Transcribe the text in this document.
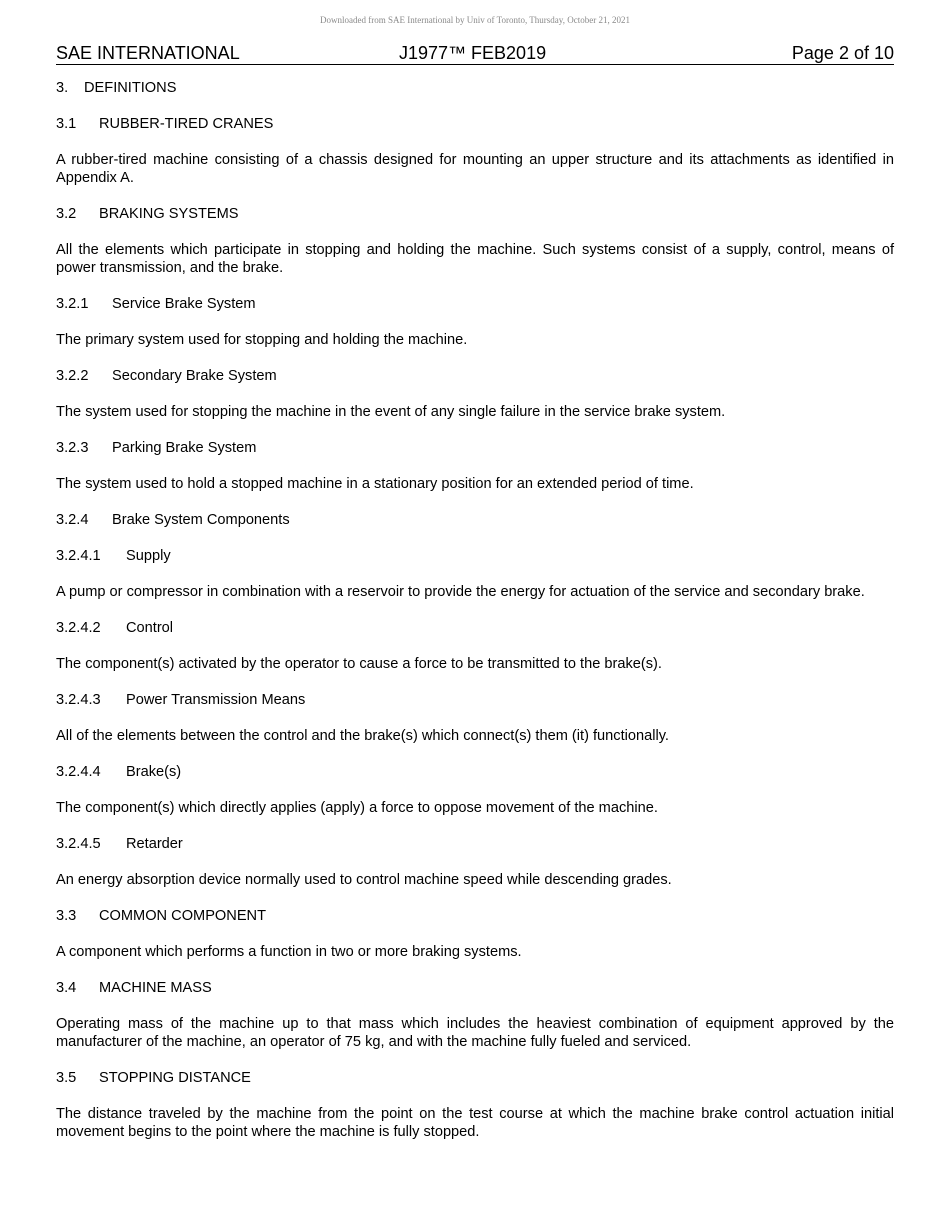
Downloaded from SAE International by Univ of Toronto, Thursday, October 21, 2021
SAE INTERNATIONAL	J1977™ FEB2019	Page 2 of 10
3. DEFINITIONS
3.1 RUBBER-TIRED CRANES
A rubber-tired machine consisting of a chassis designed for mounting an upper structure and its attachments as identified in Appendix A.
3.2 BRAKING SYSTEMS
All the elements which participate in stopping and holding the machine. Such systems consist of a supply, control, means of power transmission, and the brake.
3.2.1 Service Brake System
The primary system used for stopping and holding the machine.
3.2.2 Secondary Brake System
The system used for stopping the machine in the event of any single failure in the service brake system.
3.2.3 Parking Brake System
The system used to hold a stopped machine in a stationary position for an extended period of time.
3.2.4 Brake System Components
3.2.4.1 Supply
A pump or compressor in combination with a reservoir to provide the energy for actuation of the service and secondary brake.
3.2.4.2 Control
The component(s) activated by the operator to cause a force to be transmitted to the brake(s).
3.2.4.3 Power Transmission Means
All of the elements between the control and the brake(s) which connect(s) them (it) functionally.
3.2.4.4 Brake(s)
The component(s) which directly applies (apply) a force to oppose movement of the machine.
3.2.4.5 Retarder
An energy absorption device normally used to control machine speed while descending grades.
3.3 COMMON COMPONENT
A component which performs a function in two or more braking systems.
3.4 MACHINE MASS
Operating mass of the machine up to that mass which includes the heaviest combination of equipment approved by the manufacturer of the machine, an operator of 75 kg, and with the machine fully fueled and serviced.
3.5 STOPPING DISTANCE
The distance traveled by the machine from the point on the test course at which the machine brake control actuation initial movement begins to the point where the machine is fully stopped.
